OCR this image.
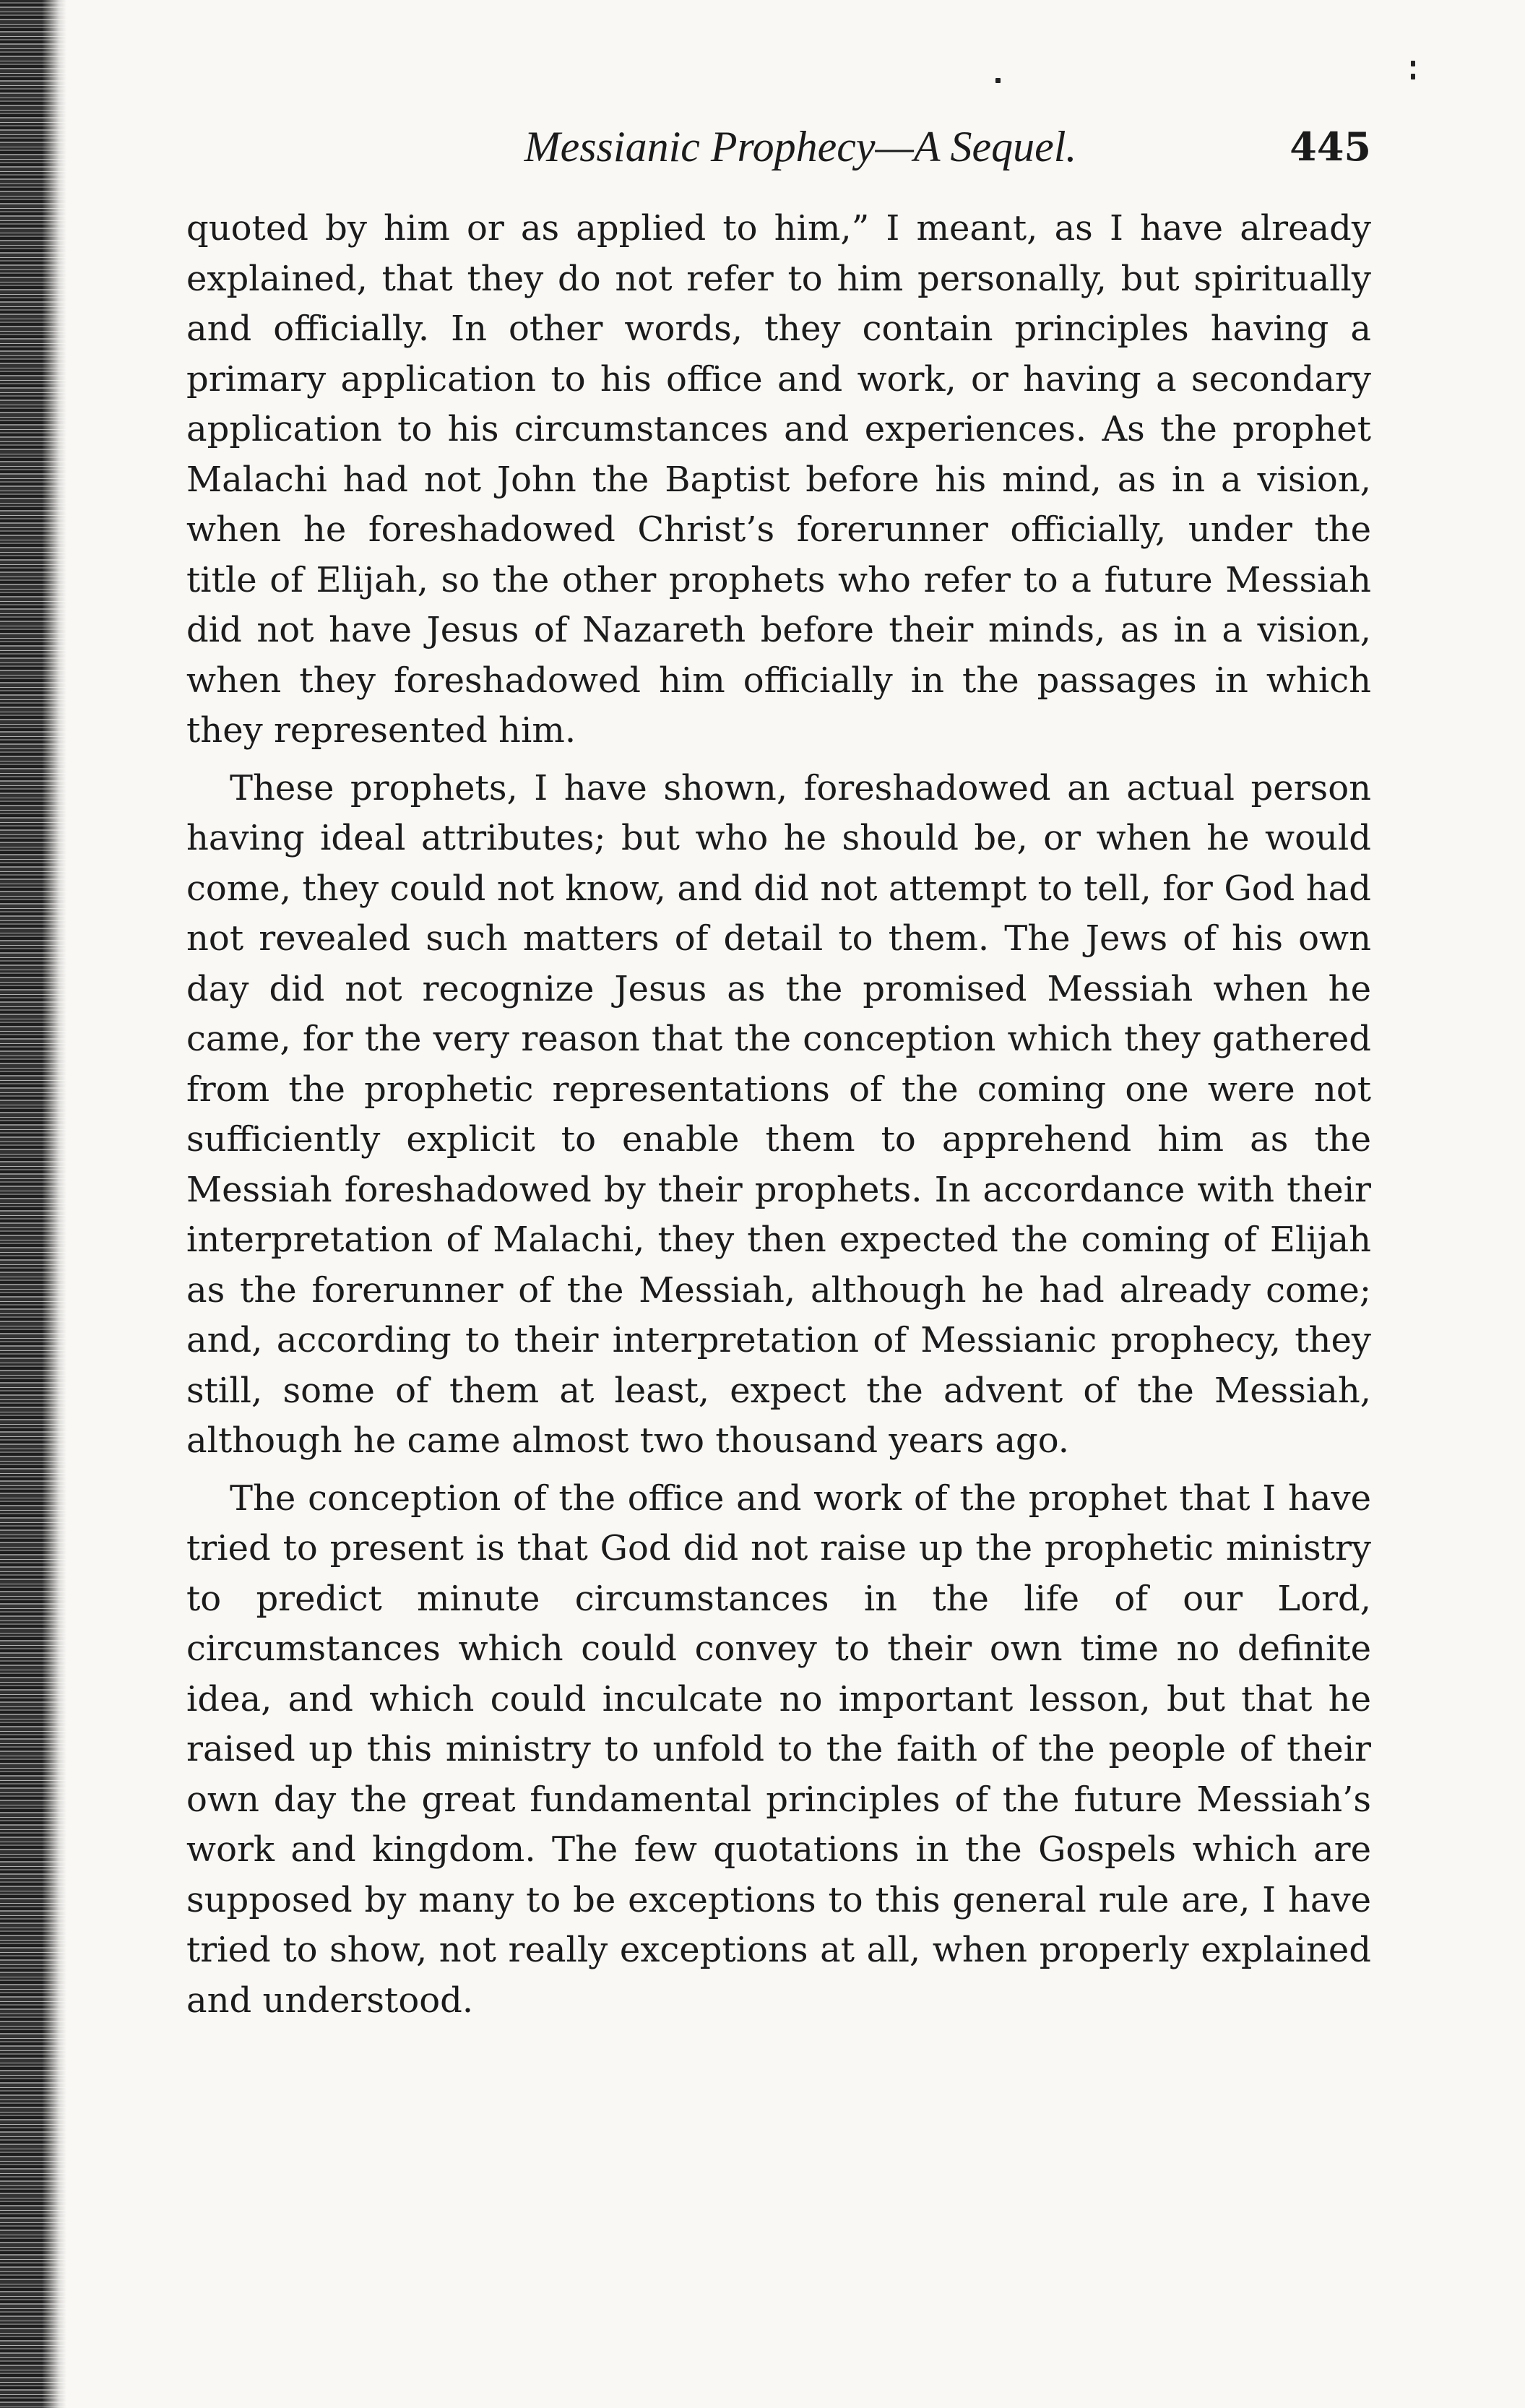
Messianic Prophecy—A Sequel.	445

quoted by him or as applied to him,” I meant, as I have already explained, that they do not refer to him personally, but spiritually and officially. In other words, they contain principles having a primary application to his office and work, or having a secondary application to his circumstances and experiences. As the prophet Malachi had not John the Baptist before his mind, as in a vision, when he foreshadowed Christ’s forerunner officially, under the title of Elijah, so the other prophets who refer to a future Messiah did not have Jesus of Nazareth before their minds, as in a vision, when they foreshadowed him officially in the passages in which they represented him.

These prophets, I have shown, foreshadowed an actual person having ideal attributes; but who he should be, or when he would come, they could not know, and did not attempt to tell, for God had not revealed such matters of detail to them. The Jews of his own day did not recognize Jesus as the promised Messiah when he came, for the very reason that the conception which they gathered from the prophetic representations of the coming one were not sufficiently explicit to enable them to apprehend him as the Messiah foreshadowed by their prophets. In accordance with their interpretation of Malachi, they then expected the coming of Elijah as the forerunner of the Messiah, although he had already come; and, according to their interpretation of Messianic prophecy, they still, some of them at least, expect the advent of the Messiah, although he came almost two thousand years ago.

The conception of the office and work of the prophet that I have tried to present is that God did not raise up the prophetic ministry to predict minute circumstances in the life of our Lord, circumstances which could convey to their own time no definite idea, and which could inculcate no important lesson, but that he raised up this ministry to unfold to the faith of the people of their own day the great fundamental principles of the future Messiah’s work and kingdom. The few quotations in the Gospels which are supposed by many to be exceptions to this general rule are, I have tried to show, not really exceptions at all, when properly explained and understood.
